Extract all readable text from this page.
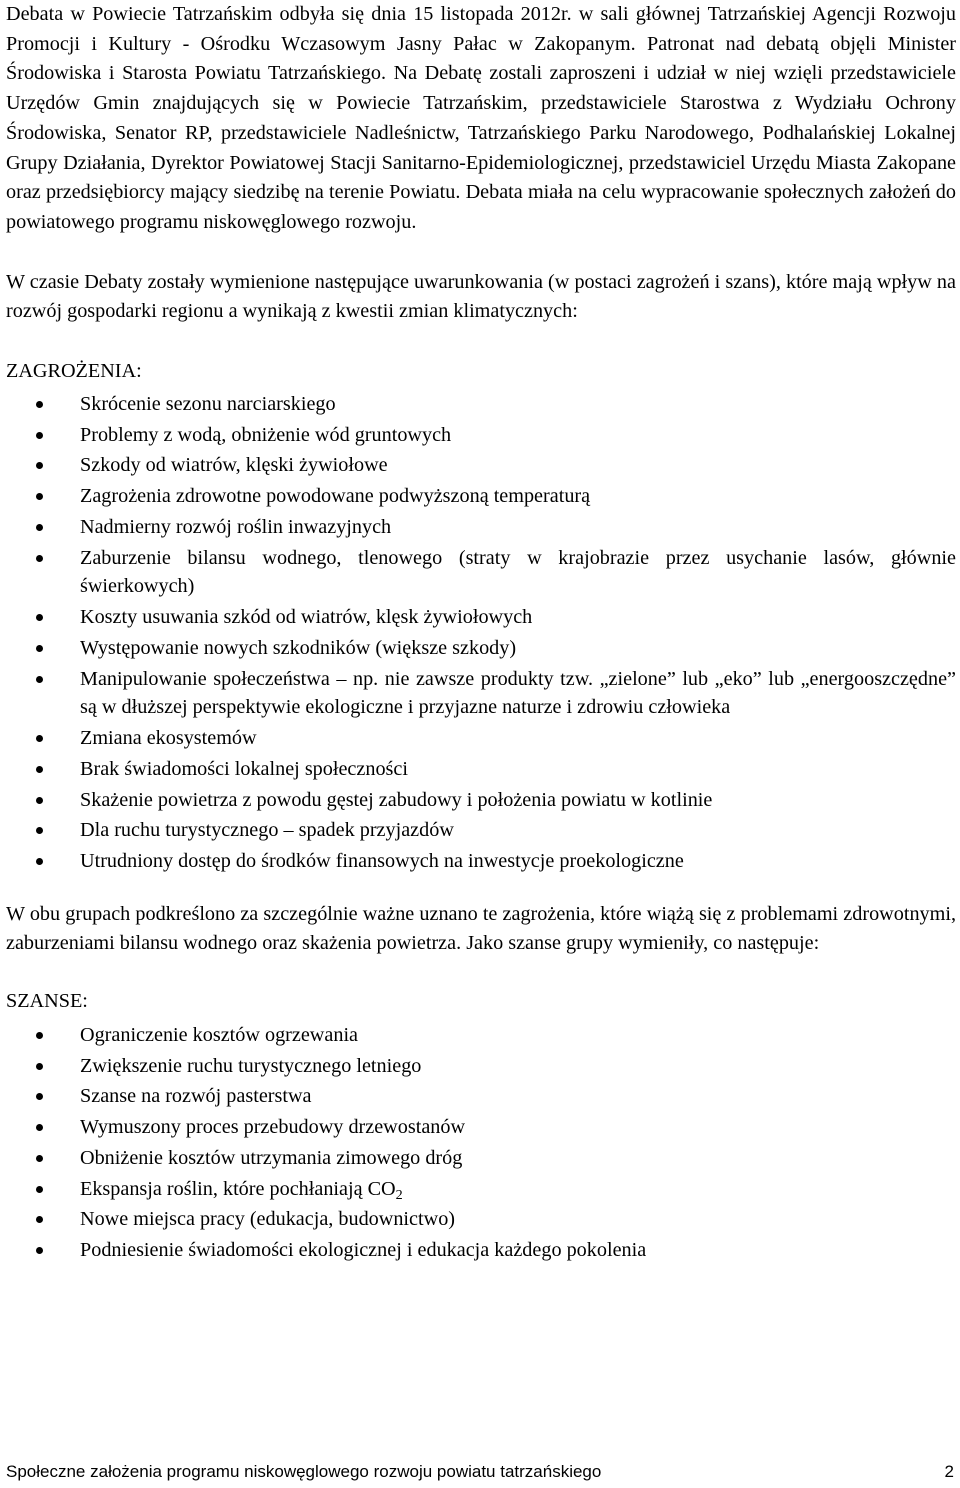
Debata w Powiecie Tatrzańskim odbyła się dnia 15 listopada 2012r. w sali głównej Tatrzańskiej Agencji Rozwoju Promocji i Kultury - Ośrodku Wczasowym Jasny Pałac w Zakopanym. Patronat nad debatą objęli Minister Środowiska i Starosta Powiatu Tatrzańskiego. Na Debatę zostali zaproszeni i udział w niej wzięli przedstawiciele Urzędów Gmin znajdujących się w Powiecie Tatrzańskim, przedstawiciele Starostwa z Wydziału Ochrony Środowiska, Senator RP, przedstawiciele Nadleśnictw, Tatrzańskiego Parku Narodowego, Podhalańskiej Lokalnej Grupy Działania, Dyrektor Powiatowej Stacji Sanitarno-Epidemiologicznej, przedstawiciel Urzędu Miasta Zakopane oraz przedsiębiorcy mający siedzibę na terenie Powiatu. Debata miała na celu wypracowanie społecznych założeń do powiatowego programu niskowęglowego rozwoju.

W czasie Debaty zostały wymienione następujące uwarunkowania (w postaci zagrożeń i szans), które mają wpływ na rozwój gospodarki regionu a wynikają z kwestii zmian klimatycznych:

ZAGROŻENIA:

Skrócenie sezonu narciarskiego
Problemy z wodą, obniżenie wód gruntowych
Szkody od wiatrów, klęski żywiołowe
Zagrożenia zdrowotne powodowane podwyższoną temperaturą
Nadmierny rozwój roślin inwazyjnych
Zaburzenie bilansu wodnego, tlenowego (straty w krajobrazie przez usychanie lasów, głównie świerkowych)
Koszty usuwania szkód od wiatrów, klęsk żywiołowych
Występowanie nowych szkodników (większe szkody)
Manipulowanie społeczeństwa – np. nie zawsze produkty tzw. „zielone” lub „eko” lub „energooszczędne” są w dłuższej perspektywie ekologiczne i przyjazne naturze i zdrowiu człowieka
Zmiana ekosystemów
Brak świadomości lokalnej społeczności
Skażenie powietrza z powodu gęstej zabudowy i położenia powiatu w kotlinie
Dla ruchu turystycznego – spadek przyjazdów
Utrudniony dostęp do środków finansowych na inwestycje proekologiczne

W obu grupach podkreślono za szczególnie ważne uznano te zagrożenia, które wiążą się z problemami zdrowotnymi, zaburzeniami bilansu wodnego oraz skażenia powietrza. Jako szanse grupy wymieniły, co następuje:

SZANSE:

Ograniczenie kosztów ogrzewania
Zwiększenie ruchu turystycznego letniego
Szanse na rozwój pasterstwa
Wymuszony proces przebudowy drzewostanów
Obniżenie kosztów utrzymania zimowego dróg
Ekspansja roślin, które pochłaniają $CO_2$
Nowe miejsca pracy (edukacja, budownictwo)
Podniesienie świadomości ekologicznej i edukacja każdego pokolenia
Społeczne założenia programu niskowęglowego rozwoju powiatu tatrzańskiego	2
